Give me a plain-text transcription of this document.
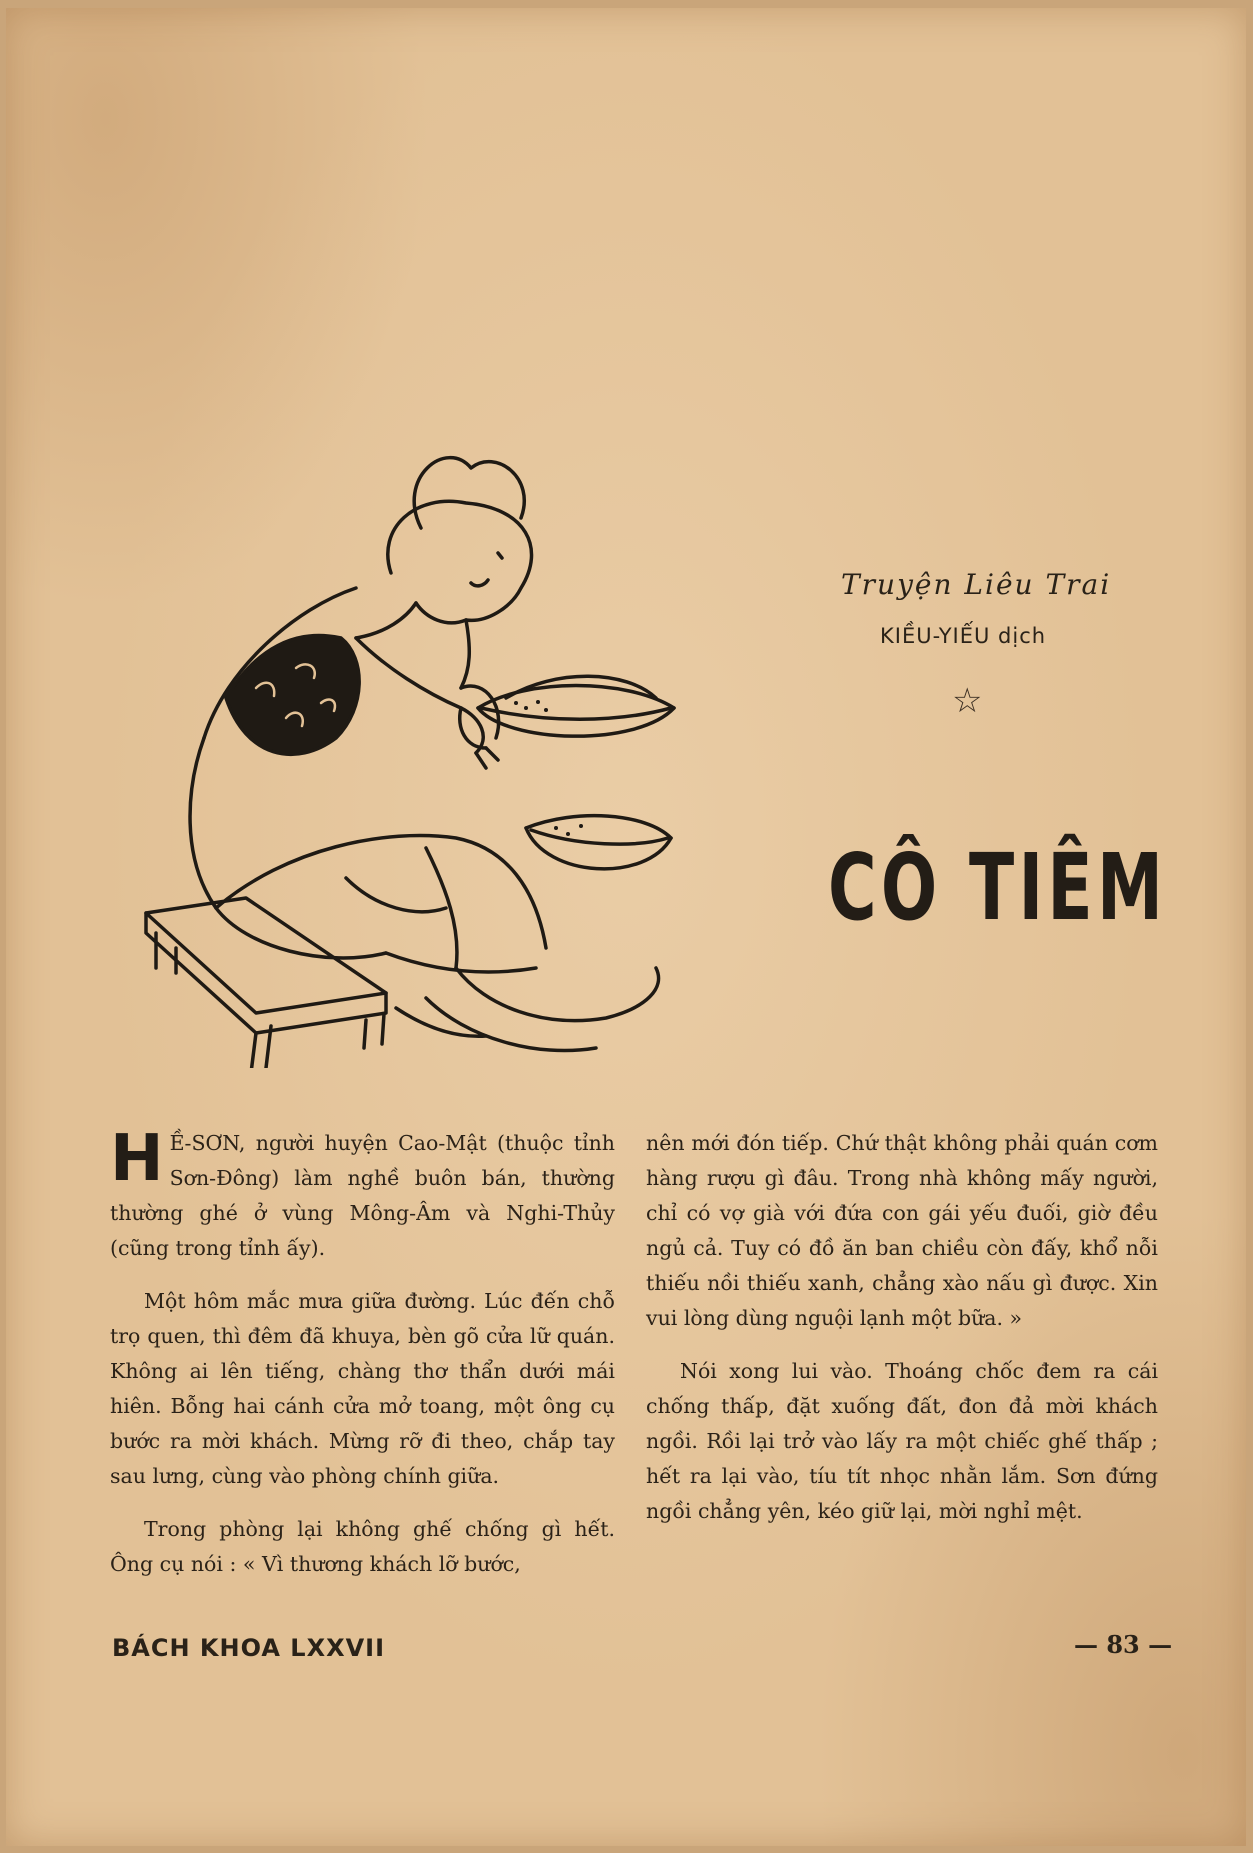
Truyện Liêu Trai
KIỀU-YIẾU dịch
☆
CÔ TIÊM

H Ề-SƠN, người huyện Cao-Mật (thuộc tỉnh Sơn-Đông) làm nghề buôn bán, thường thường ghé ở vùng Mông-Âm và Nghi-Thủy (cũng trong tỉnh ấy).

Một hôm mắc mưa giữa đường. Lúc đến chỗ trọ quen, thì đêm đã khuya, bèn gõ cửa lữ quán. Không ai lên tiếng, chàng thơ thẩn dưới mái hiên. Bỗng hai cánh cửa mở toang, một ông cụ bước ra mời khách. Mừng rỡ đi theo, chắp tay sau lưng, cùng vào phòng chính giữa.

Trong phòng lại không ghế chống gì hết. Ông cụ nói : « Vì thương khách lỡ bước,

nên mới đón tiếp. Chứ thật không phải quán cơm hàng rượu gì đâu. Trong nhà không mấy người, chỉ có vợ già với đứa con gái yếu đuối, giờ đều ngủ cả. Tuy có đồ ăn ban chiều còn đấy, khổ nỗi thiếu nồi thiếu xanh, chẳng xào nấu gì được. Xin vui lòng dùng nguội lạnh một bữa. »

Nói xong lui vào. Thoáng chốc đem ra cái chống thấp, đặt xuống đất, đon đả mời khách ngồi. Rồi lại trở vào lấy ra một chiếc ghế thấp ; hết ra lại vào, tíu tít nhọc nhằn lắm. Sơn đứng ngồi chẳng yên, kéo giữ lại, mời nghỉ mệt.

BÁCH KHOA LXXVII	— 83 —
